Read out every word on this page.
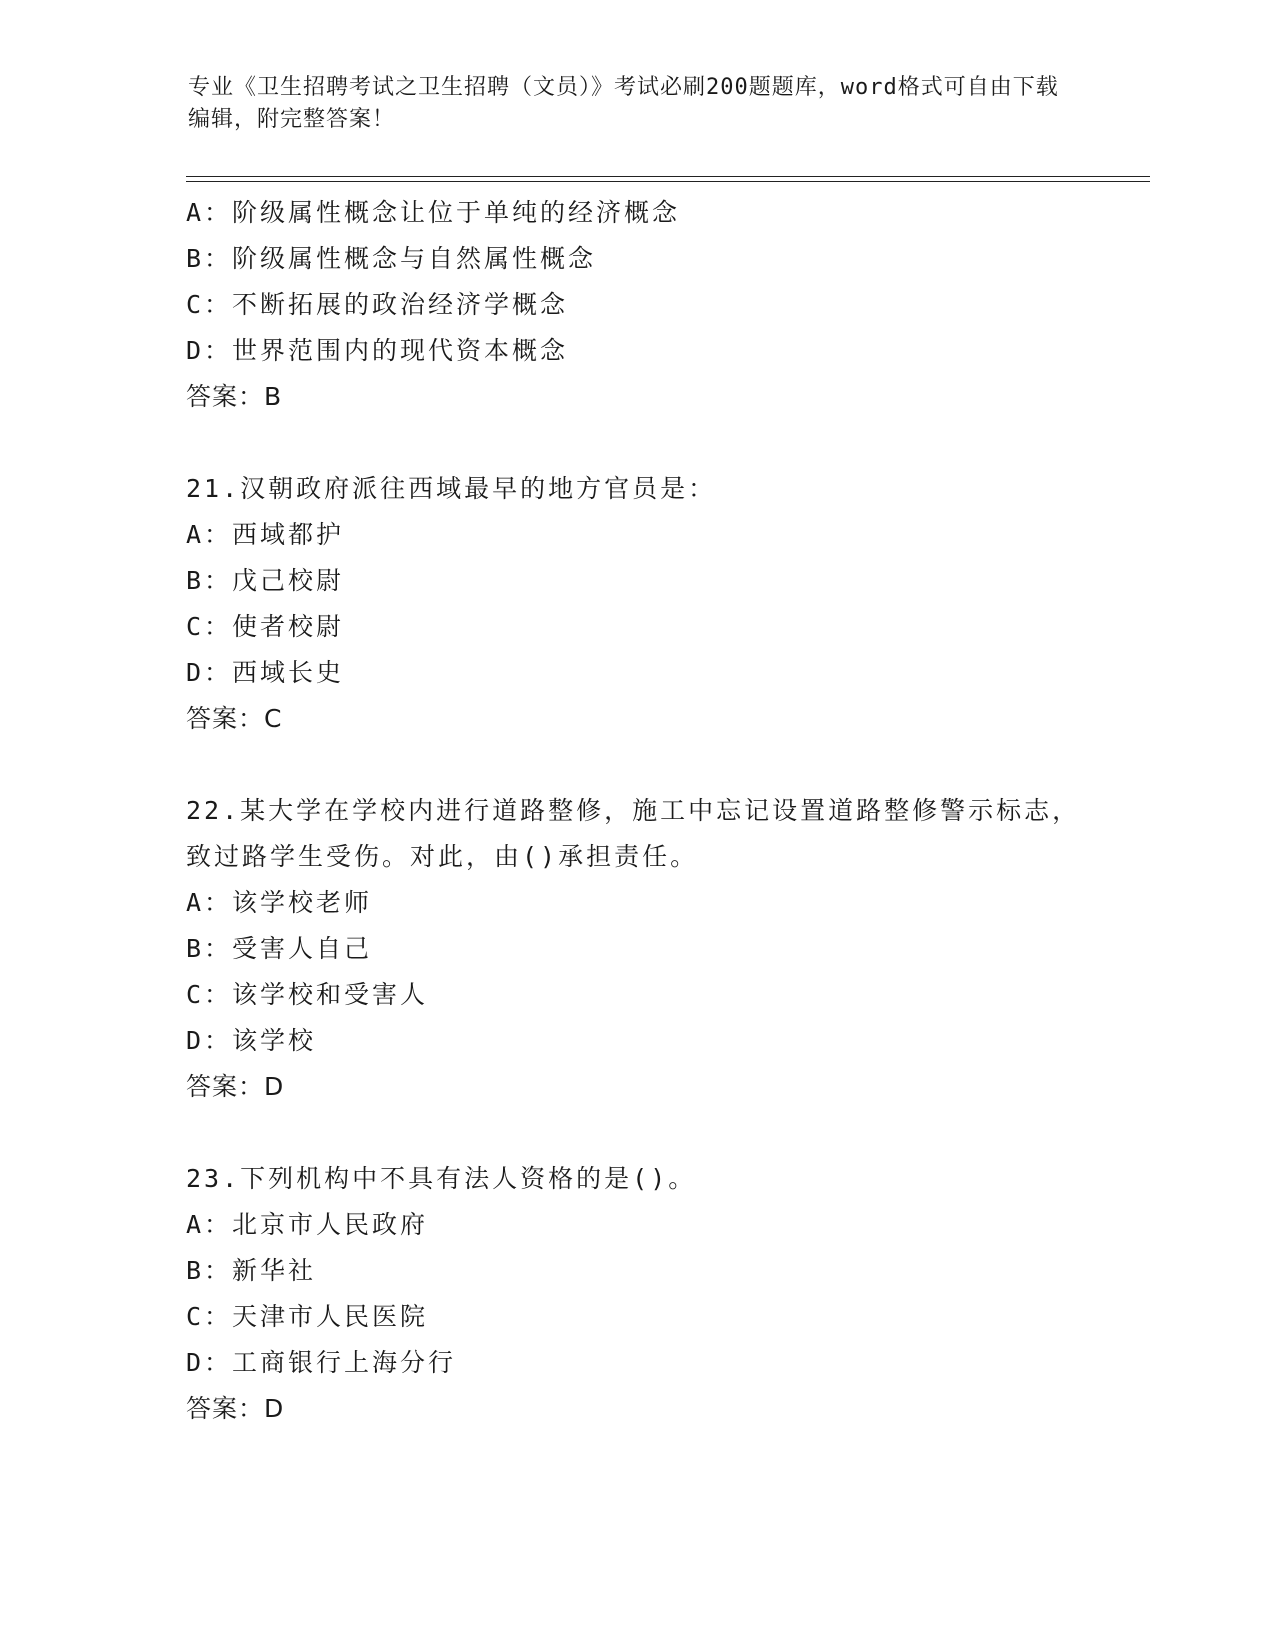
专业《卫生招聘考试之卫生招聘（文员）》考试必刷200题题库，word格式可自由下载编辑，附完整答案！
A：阶级属性概念让位于单纯的经济概念
B：阶级属性概念与自然属性概念
C：不断拓展的政治经济学概念
D：世界范围内的现代资本概念
答案：B
21.汉朝政府派往西域最早的地方官员是：
A：西域都护
B：戊己校尉
C：使者校尉
D：西域长史
答案：C
22.某大学在学校内进行道路整修，施工中忘记设置道路整修警示标志，致过路学生受伤。对此，由()承担责任。
A：该学校老师
B：受害人自己
C：该学校和受害人
D：该学校
答案：D
23.下列机构中不具有法人资格的是()。
A：北京市人民政府
B：新华社
C：天津市人民医院
D：工商银行上海分行
答案：D
